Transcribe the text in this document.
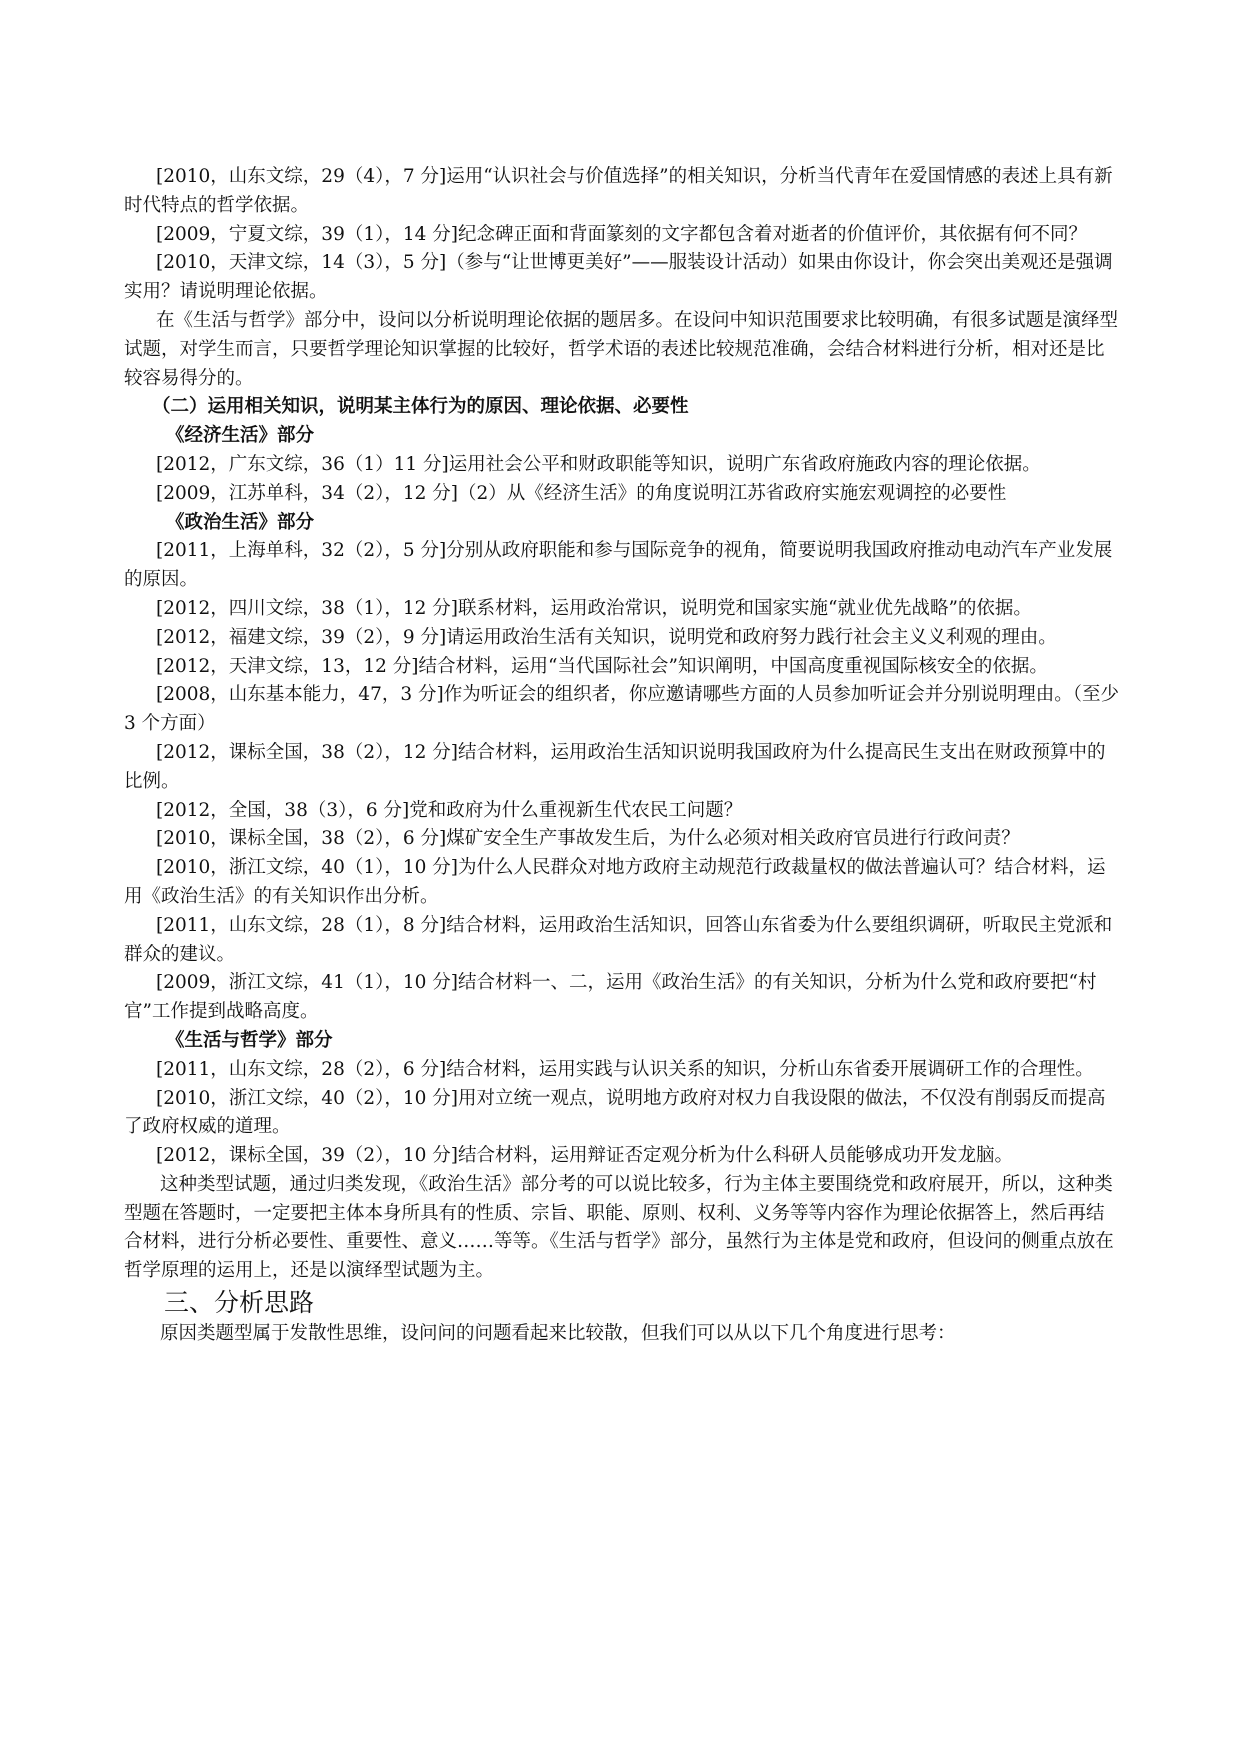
[2010，山东文综，29（4），7 分]运用“认识社会与价值选择”的相关知识，分析当代青年在爱国情感的表述上具有新时代特点的哲学依据。

[2009，宁夏文综，39（1），14 分]纪念碑正面和背面篆刻的文字都包含着对逝者的价值评价，其依据有何不同？

[2010，天津文综，14（3），5 分]（参与“让世博更美好”——服装设计活动）如果由你设计，你会突出美观还是强调实用？请说明理论依据。

在《生活与哲学》部分中，设问以分析说明理论依据的题居多。在设问中知识范围要求比较明确，有很多试题是演绎型试题，对学生而言，只要哲学理论知识掌握的比较好，哲学术语的表述比较规范准确，会结合材料进行分析，相对还是比较容易得分的。

（二）运用相关知识，说明某主体行为的原因、理论依据、必要性

《经济生活》部分

[2012，广东文综，36（1）11 分]运用社会公平和财政职能等知识，说明广东省政府施政内容的理论依据。

[2009，江苏单科，34（2），12 分]（2）从《经济生活》的角度说明江苏省政府实施宏观调控的必要性

《政治生活》部分

[2011，上海单科，32（2），5 分]分别从政府职能和参与国际竞争的视角，简要说明我国政府推动电动汽车产业发展的原因。

[2012，四川文综，38（1），12 分]联系材料，运用政治常识，说明党和国家实施“就业优先战略”的依据。

[2012，福建文综，39（2），9 分]请运用政治生活有关知识，说明党和政府努力践行社会主义义利观的理由。

[2012，天津文综，13，12 分]结合材料，运用“当代国际社会”知识阐明，中国高度重视国际核安全的依据。

[2008，山东基本能力，47，3 分]作为听证会的组织者，你应邀请哪些方面的人员参加听证会并分别说明理由。（至少 3 个方面）

[2012，课标全国，38（2），12 分]结合材料，运用政治生活知识说明我国政府为什么提高民生支出在财政预算中的比例。

[2012，全国，38（3），6 分]党和政府为什么重视新生代农民工问题？

[2010，课标全国，38（2），6 分]煤矿安全生产事故发生后，为什么必须对相关政府官员进行行政问责？

[2010，浙江文综，40（1），10 分]为什么人民群众对地方政府主动规范行政裁量权的做法普遍认可？结合材料，运用《政治生活》的有关知识作出分析。

[2011，山东文综，28（1），8 分]结合材料，运用政治生活知识，回答山东省委为什么要组织调研，听取民主党派和群众的建议。

[2009，浙江文综，41（1），10 分]结合材料一、二，运用《政治生活》的有关知识，分析为什么党和政府要把“村官”工作提到战略高度。

《生活与哲学》部分

[2011，山东文综，28（2），6 分]结合材料，运用实践与认识关系的知识，分析山东省委开展调研工作的合理性。

[2010，浙江文综，40（2），10 分]用对立统一观点，说明地方政府对权力自我设限的做法，不仅没有削弱反而提高了政府权威的道理。

[2012，课标全国，39（2），10 分]结合材料，运用辩证否定观分析为什么科研人员能够成功开发龙脑。

这种类型试题，通过归类发现，《政治生活》部分考的可以说比较多，行为主体主要围绕党和政府展开，所以，这种类型题在答题时，一定要把主体本身所具有的性质、宗旨、职能、原则、权利、义务等等内容作为理论依据答上，然后再结合材料，进行分析必要性、重要性、意义……等等。《生活与哲学》部分，虽然行为主体是党和政府，但设问的侧重点放在哲学原理的运用上，还是以演绎型试题为主。

三、分析思路

原因类题型属于发散性思维，设问问的问题看起来比较散，但我们可以从以下几个角度进行思考：
